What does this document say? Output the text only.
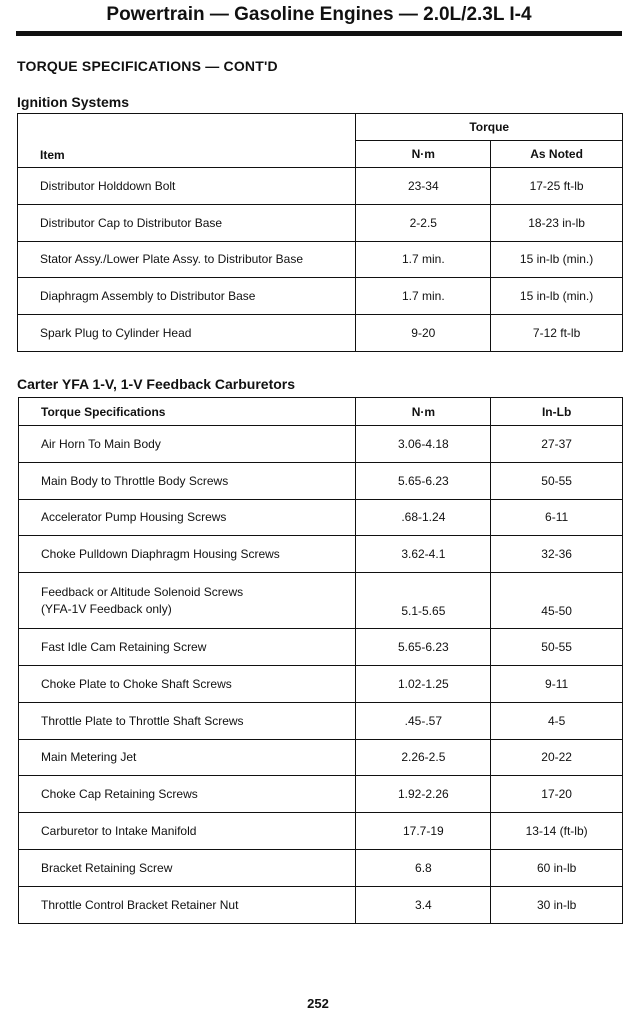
Powertrain — Gasoline Engines — 2.0L/2.3L I-4
TORQUE SPECIFICATIONS — CONT'D
Ignition Systems
Item	Torque	
	N·m	As Noted
Distributor Holddown Bolt	23-34	17-25 ft-lb
Distributor Cap to Distributor Base	2-2.5	18-23 in-lb
Stator Assy./Lower Plate Assy. to Distributor Base	1.7 min.	15 in-lb (min.)
Diaphragm Assembly to Distributor Base	1.7 min.	15 in-lb (min.)
Spark Plug to Cylinder Head	9-20	7-12 ft-lb
Carter YFA 1-V, 1-V Feedback Carburetors
Torque Specifications	N·m	In-Lb
Air Horn To Main Body	3.06-4.18	27-37
Main Body to Throttle Body Screws	5.65-6.23	50-55
Accelerator Pump Housing Screws	.68-1.24	6-11
Choke Pulldown Diaphragm Housing Screws	3.62-4.1	32-36

Feedback or Altitude Solenoid Screws
(YFA-1V Feedback only)	5.1-5.65	45-50
Fast Idle Cam Retaining Screw	5.65-6.23	50-55
Choke Plate to Choke Shaft Screws	1.02-1.25	9-11
Throttle Plate to Throttle Shaft Screws	.45-.57	4-5
Main Metering Jet	2.26-2.5	20-22
Choke Cap Retaining Screws	1.92-2.26	17-20
Carburetor to Intake Manifold	17.7-19	13-14 (ft-lb)
Bracket Retaining Screw	6.8	60 in-lb
Throttle Control Bracket Retainer Nut	3.4	30 in-lb
252
